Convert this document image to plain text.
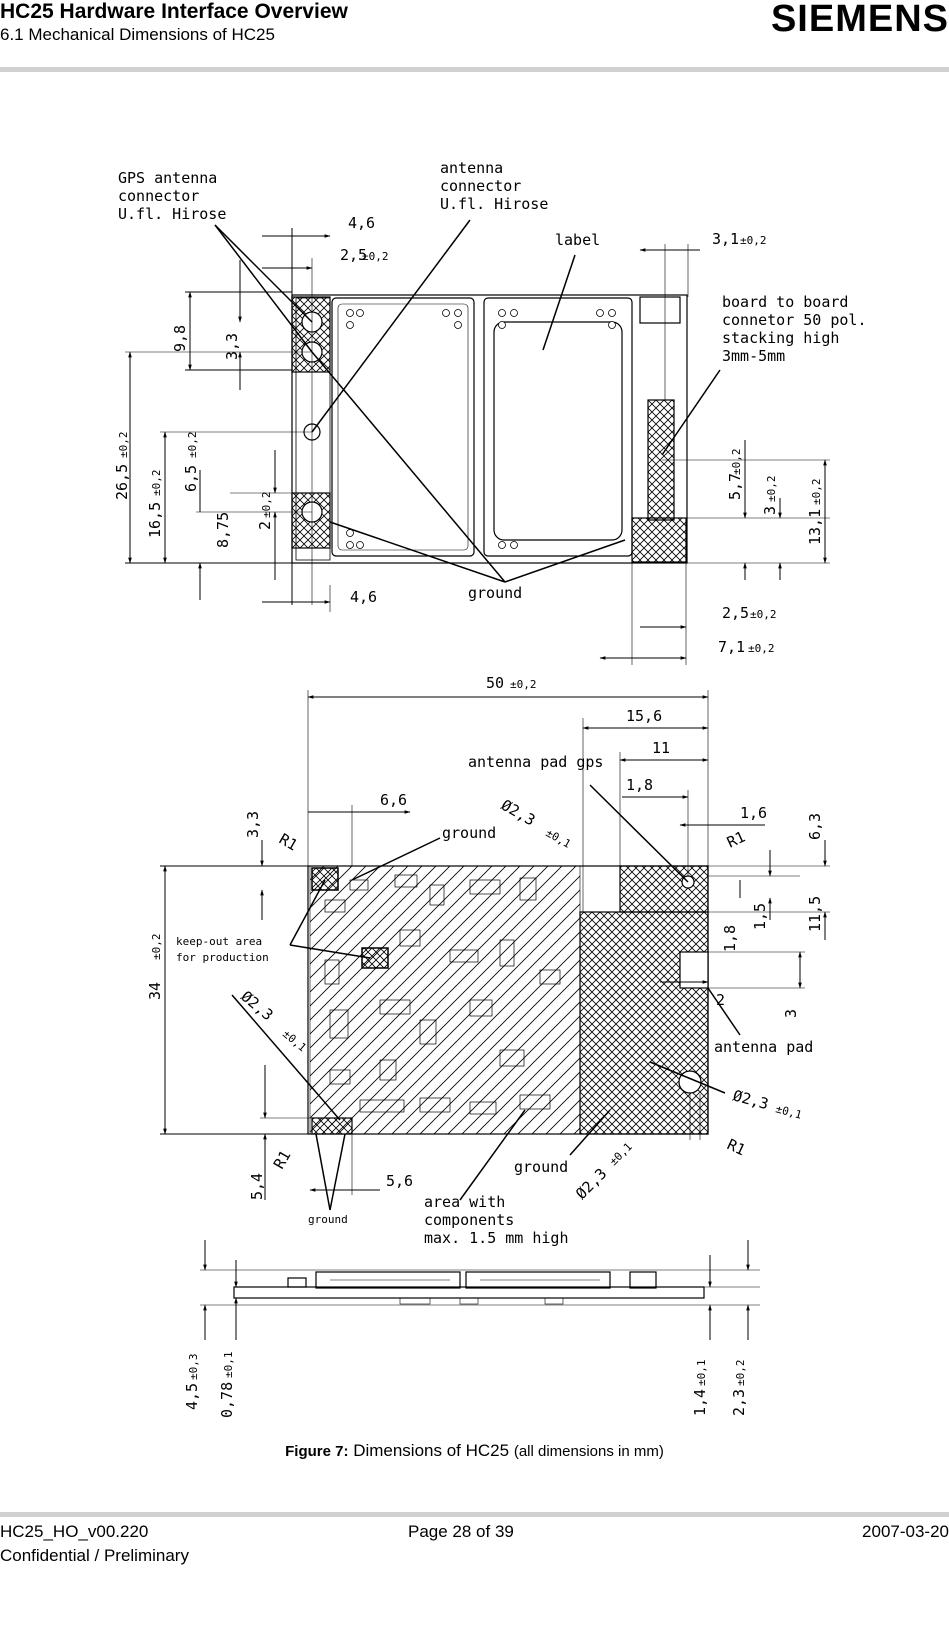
HC25 Hardware Interface Overview
6.1 Mechanical Dimensions of HC25	SIEMENS
GPS antenna
connector
U.fl. Hirose
antenna
connector
U.fl. Hirose
label
board to board
connetor 50 pol.
stacking high
3mm-5mm
ground
4,6
2,5
±0,2
3,1 ±0,2
9,8 3,3
26,5
±0,2
16,5
±0,2 6,5
±0,2
8,75 2
±0,2
5,7
±0,2
3
±0,2
13,1
±0,2
4,6
2,5 ±0,2
7,1 ±0,2
50 ±0,2
15,6
11
antenna pad gps
1,8
1,6	6,3
6,6
3,3
R1	R1
Ø2,3
±0,1
ground
keep-out area
for production
34
±0,2	1,8
1,5 11,5
2
3
antenna pad
Ø2,3
±0,1
Ø2,3 ±0,1
R1
R1
5,4	5,6
ground Ø2,3
±0,1
area with
components
max. 1.5 mm high
ground
4,5
±0,3
0,78
±0,1
1,4
±0,1
2,3
±0,2
Figure 7: Dimensions of HC25 (all dimensions in mm)
HC25_HO_v00.220
Confidential / Preliminary
Page 28 of 39	2007-03-20
